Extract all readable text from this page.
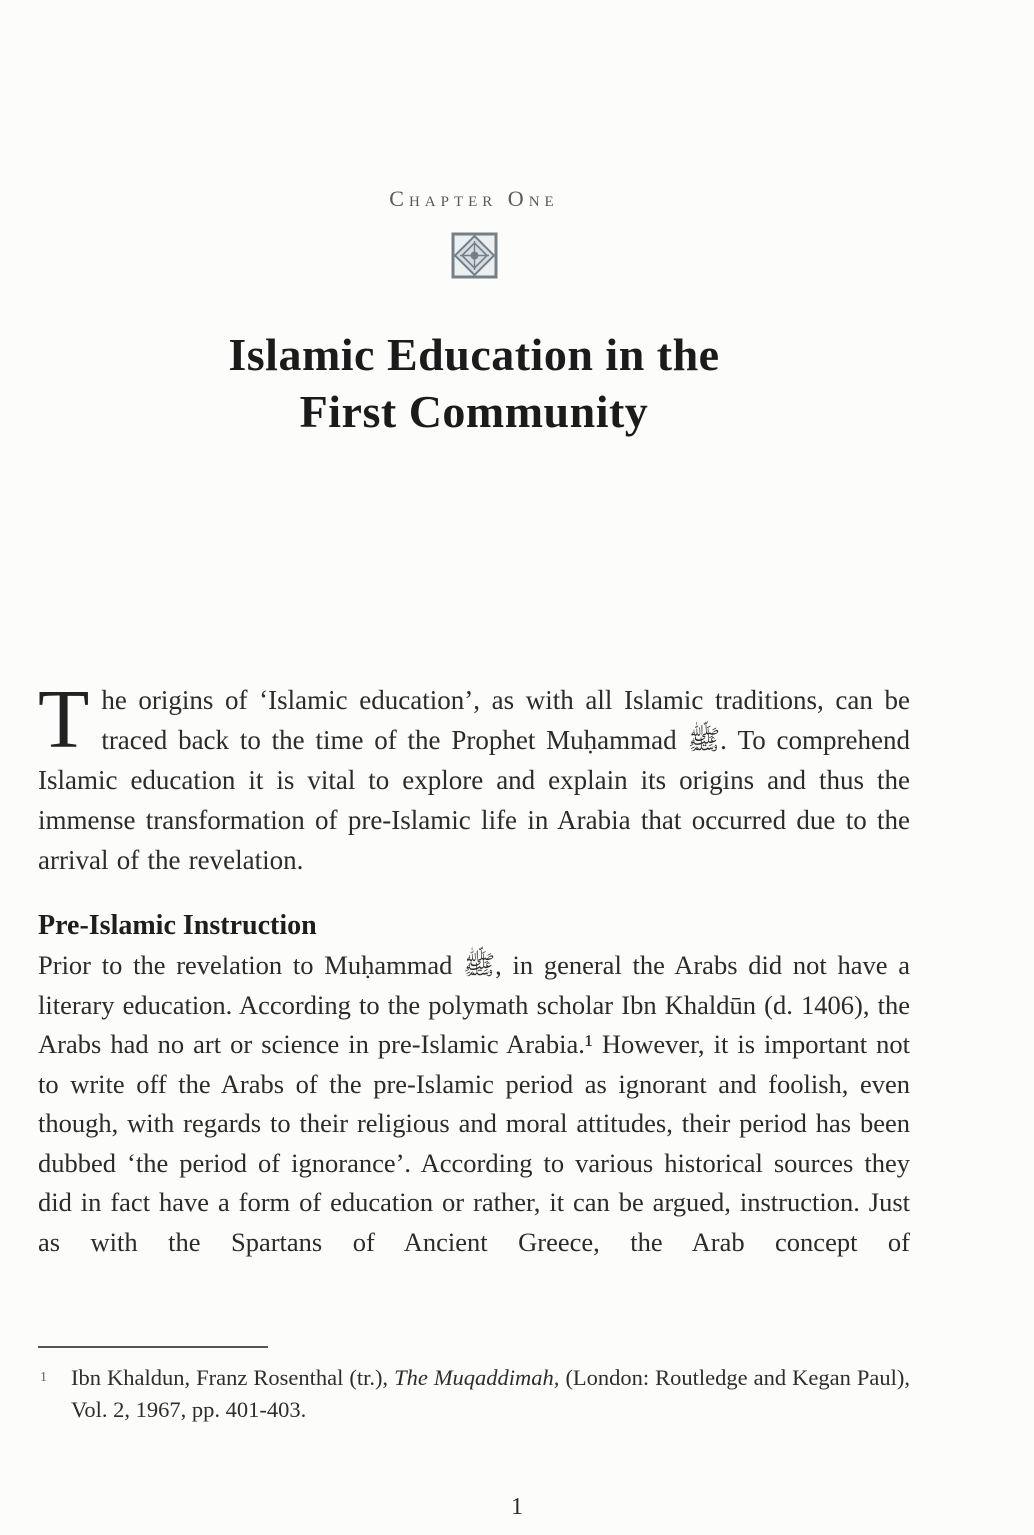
Chapter One
Islamic Education in the
First Community

The origins of ‘Islamic education’, as with all Islamic traditions, can be traced back to the time of the Prophet Muḥammad ﷺ. To comprehend Islamic education it is vital to explore and explain its origins and thus the immense transformation of pre-Islamic life in Arabia that occurred due to the arrival of the revelation.

Pre-Islamic Instruction

Prior to the revelation to Muḥammad ﷺ, in general the Arabs did not have a literary education. According to the polymath scholar Ibn Khaldūn (d. 1406), the Arabs had no art or science in pre-Islamic Arabia.¹ However, it is important not to write off the Arabs of the pre-Islamic period as ignorant and foolish, even though, with regards to their religious and moral attitudes, their period has been dubbed ‘the period of ignorance’. According to various historical sources they did in fact have a form of education or rather, it can be argued, instruction. Just as with the Spartans of Ancient Greece, the Arab concept of

1 Ibn Khaldun, Franz Rosenthal (tr.), The Muqaddimah, (London: Routledge and Kegan Paul), Vol. 2, 1967, pp. 401-403.
1
